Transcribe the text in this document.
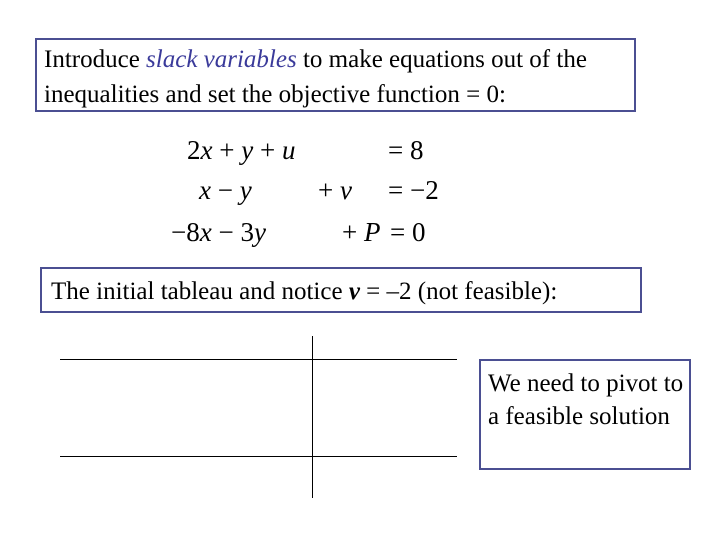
Introduce slack variables to make equations out of the inequalities and set the objective function = 0:
2x + y + u	= 8
x − y + v = −2
−8x − 3y	+ P = 0
The initial tableau and notice v = –2 (not feasible):
We need to pivot to a feasible solution
